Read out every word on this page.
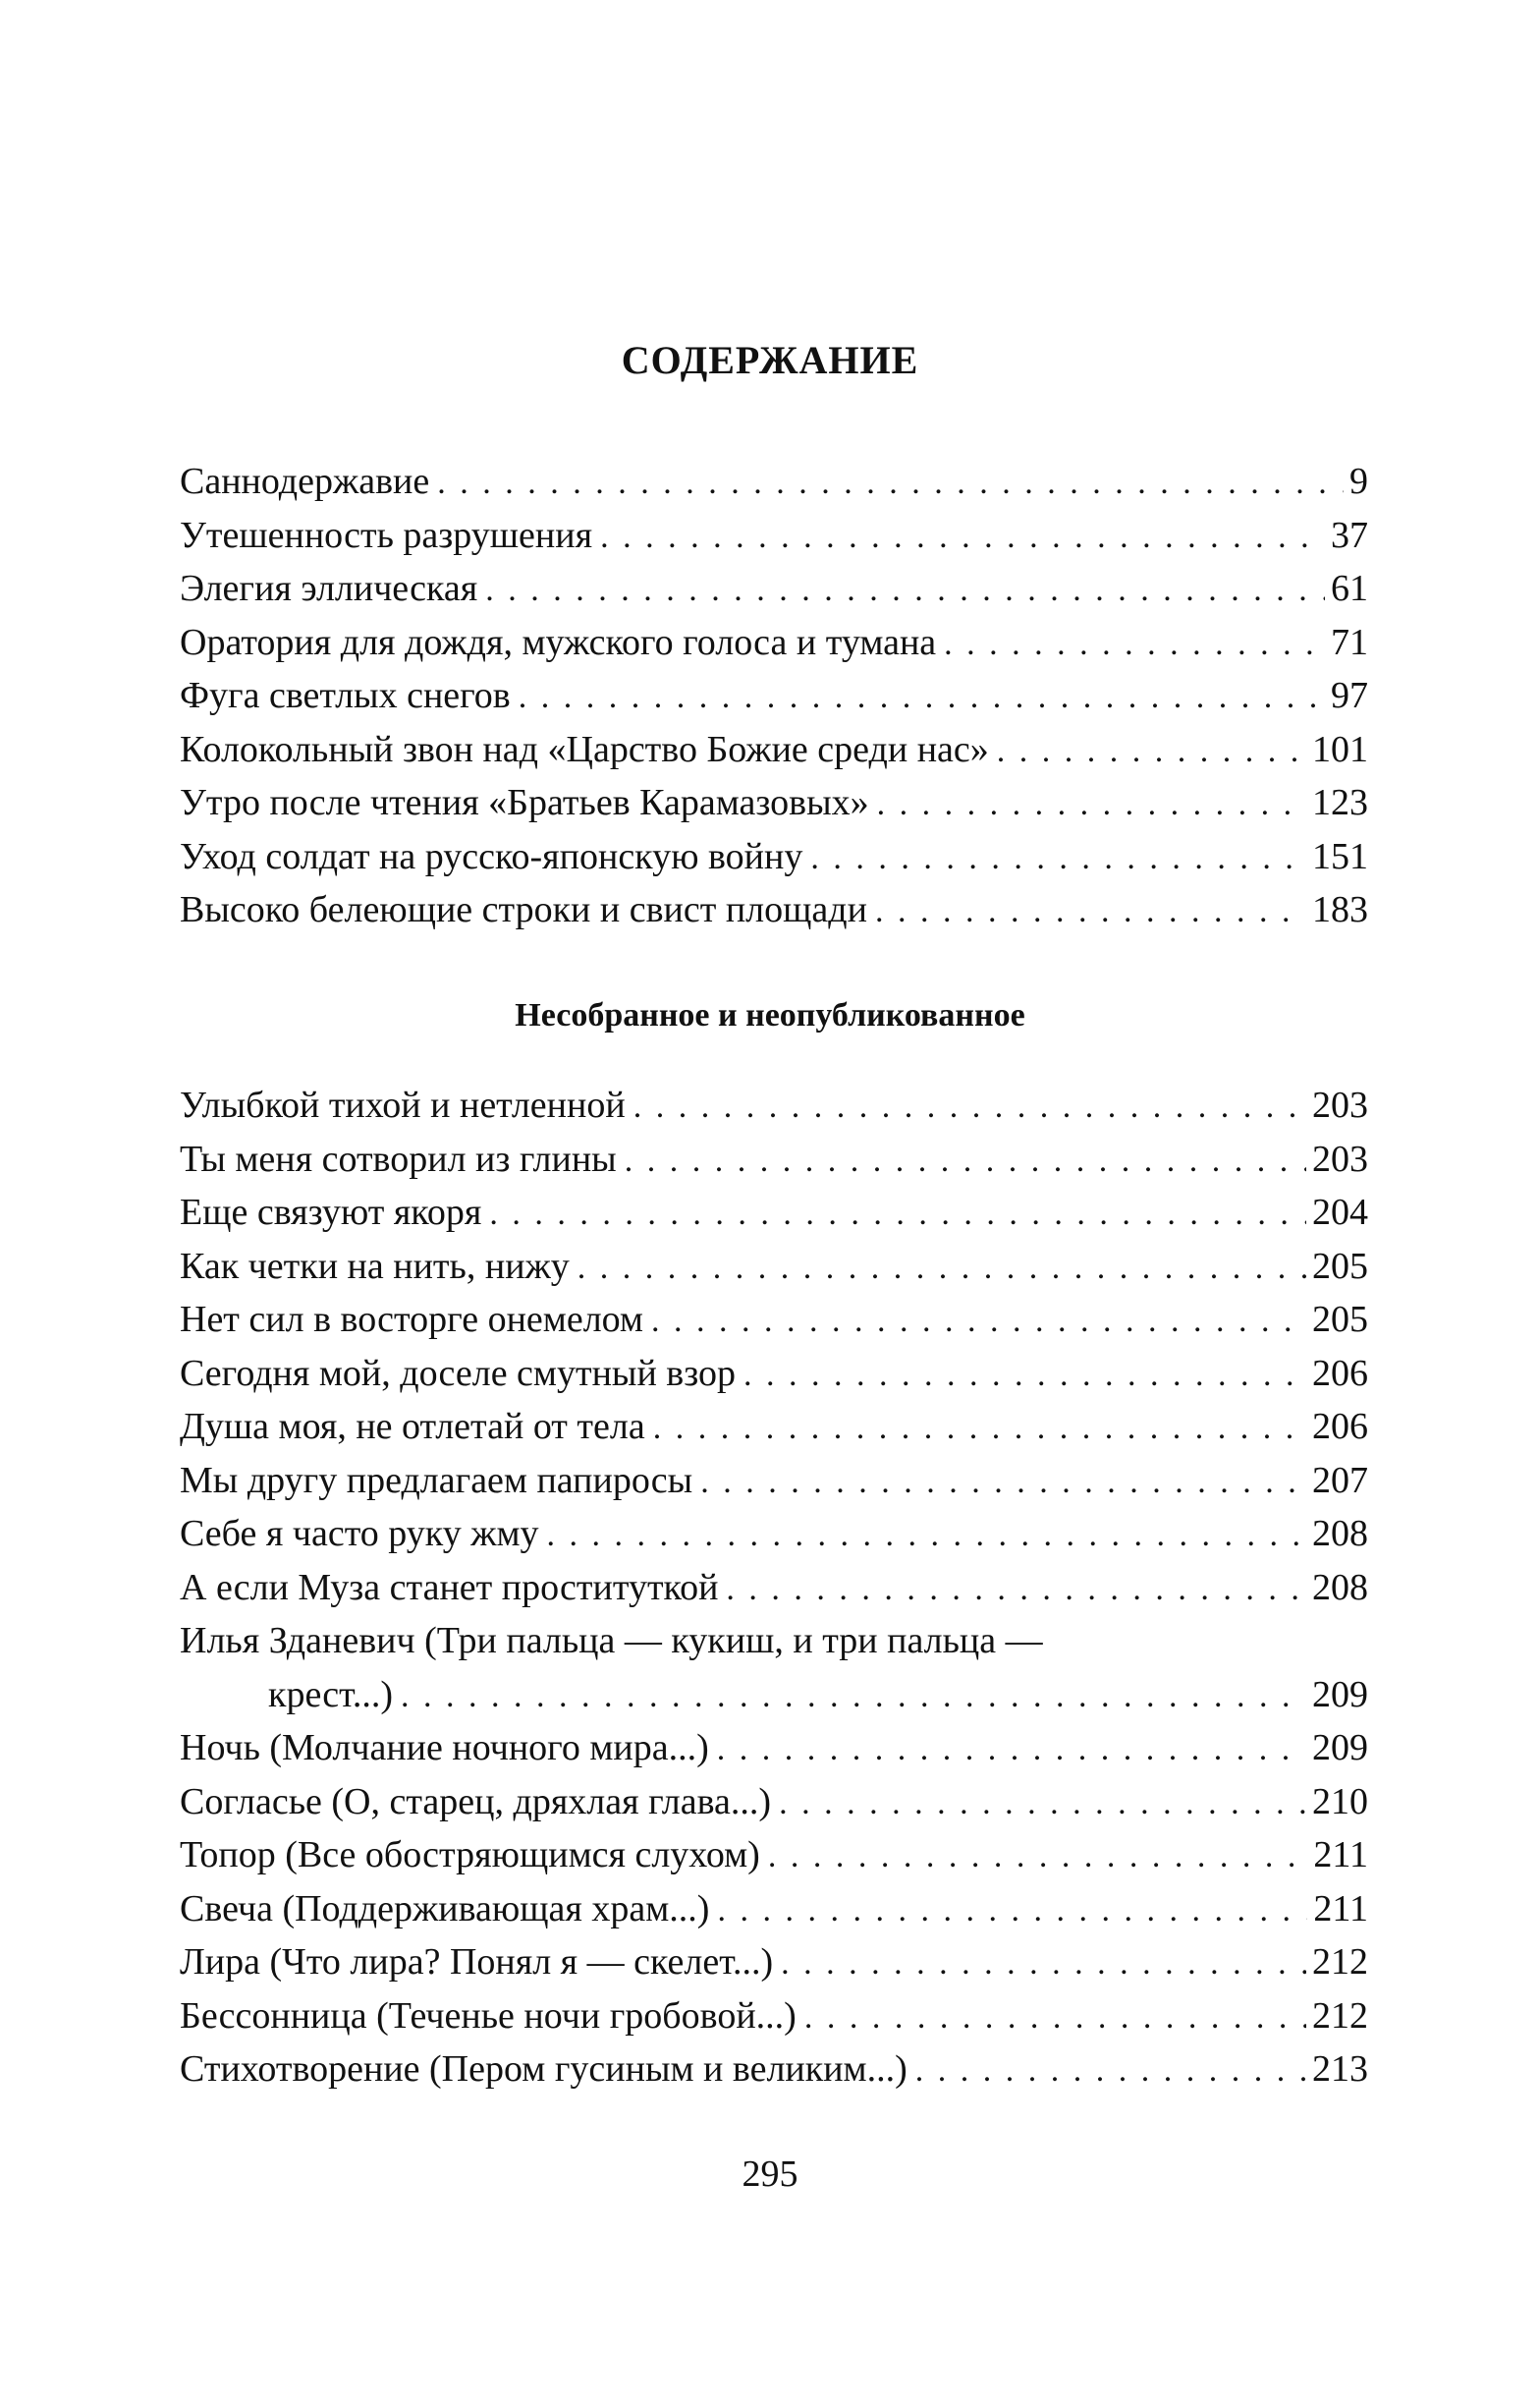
СОДЕРЖАНИЕ
Саннодержавие . . .	9
Утешенность разрушения . . .	37
Элегия эллическая . . .	61
Оратория для дождя, мужского голоса и тумана . . .	71
Фуга светлых снегов . . .	97
Колокольный звон над «Царство Божие среди нас» . . .	101
Утро после чтения «Братьев Карамазовых» . . .	123
Уход солдат на русско-японскую войну . . .	151
Высоко белеющие строки и свист площади . . .	183
Несобранное и неопубликованное
Улыбкой тихой и нетленной . . .	203
Ты меня сотворил из глины . . .	203
Еще связуют якоря . . .	204
Как четки на нить, нижу . . .	205
Нет сил в восторге онемелом . . .	205
Сегодня мой, доселе смутный взор . . .	206
Душа моя, не отлетай от тела . . .	206
Мы другу предлагаем папиросы . . .	207
Себе я часто руку жму . . .	208
А если Муза станет проституткой . . .	208
Илья Зданевич (Три пальца — кукиш, и три пальца —
крест...) . . .	209
Ночь (Молчание ночного мира...) . . .	209
Согласье (О, старец, дряхлая глава...) . . .	210
Топор (Все обостряющимся слухом) . . .	211
Свеча (Поддерживающая храм...) . . .	211
Лира (Что лира? Понял я — скелет...) . . .	212
Бессонница (Теченье ночи гробовой...) . . .	212
Стихотворение (Пером гусиным и великим...) . . .	213
295
